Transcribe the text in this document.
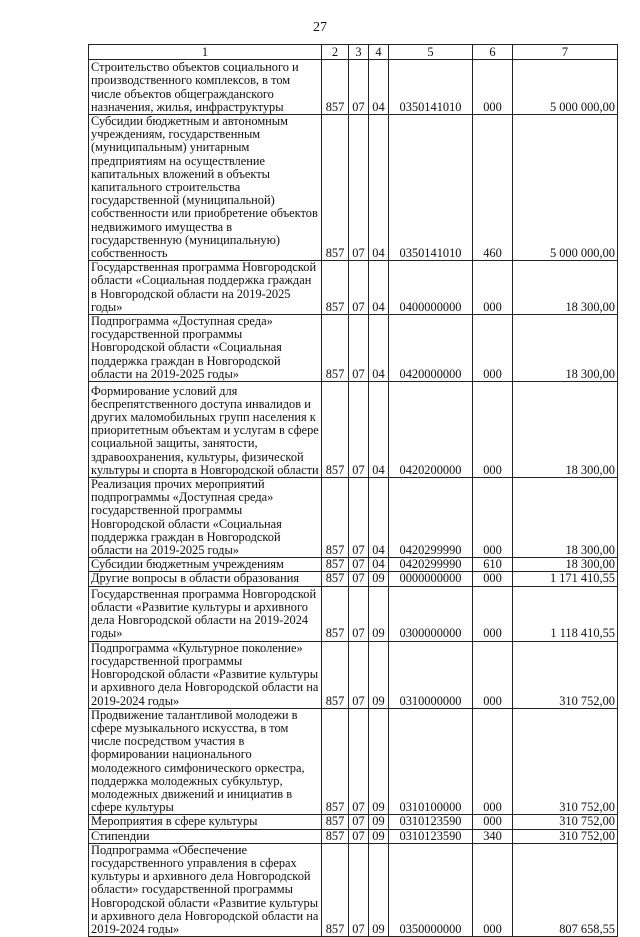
27
1	2	3	4	5	6	7
Строительство объектов социального и производственного комплексов, в том числе объектов общегражданского назначения, жилья, инфраструктуры	857	07	04	0350141010	000	5 000 000,00
Субсидии бюджетным и автономным учреждениям, государственным (муниципальным) унитарным предприятиям на осуществление капитальных вложений в объекты капитального строительства государственной (муниципальной) собственности или приобретение объектов недвижимого имущества в государственную (муниципальную) собственность	857	07	04	0350141010	460	5 000 000,00
Государственная программа Новгородской области «Социальная поддержка граждан в Новгородской области на 2019-2025 годы»	857	07	04	0400000000	000	18 300,00
Подпрограмма «Доступная среда» государственной программы Новгородской области «Социальная поддержка граждан в Новгородской области на 2019-2025 годы»	857	07	04	0420000000	000	18 300,00
Формирование условий для беспрепятственного доступа инвалидов и других маломобильных групп населения к приоритетным объектам и услугам в сфере социальной защиты, занятости, здравоохранения, культуры, физической культуры и спорта в Новгородской области	857	07	04	0420200000	000	18 300,00
Реализация прочих мероприятий подпрограммы «Доступная среда» государственной программы Новгородской области «Социальная поддержка граждан в Новгородской области на 2019-2025 годы»	857	07	04	0420299990	000	18 300,00
Субсидии бюджетным учреждениям	857	07	04	0420299990	610	18 300,00
Другие вопросы в области образования	857	07	09	0000000000	000	1 171 410,55
Государственная программа Новгородской области «Развитие культуры и архивного дела Новгородской области на 2019-2024 годы»	857	07	09	0300000000	000	1 118 410,55
Подпрограмма «Культурное поколение» государственной программы Новгородской области «Развитие культуры и архивного дела Новгородской области на 2019-2024 годы»	857	07	09	0310000000	000	310 752,00
Продвижение талантливой молодежи в сфере музыкального искусства, в том числе посредством участия в формировании национального молодежного симфонического оркестра, поддержка молодежных субкультур, молодежных движений и инициатив в сфере культуры	857	07	09	0310100000	000	310 752,00
Мероприятия в сфере культуры	857	07	09	0310123590	000	310 752,00
Стипендии	857	07	09	0310123590	340	310 752,00
Подпрограмма «Обеспечение государственного управления в сферах культуры и архивного дела Новгородской области» государственной программы Новгородской области «Развитие культуры и архивного дела Новгородской области на 2019-2024 годы»	857	07	09	0350000000	000	807 658,55
